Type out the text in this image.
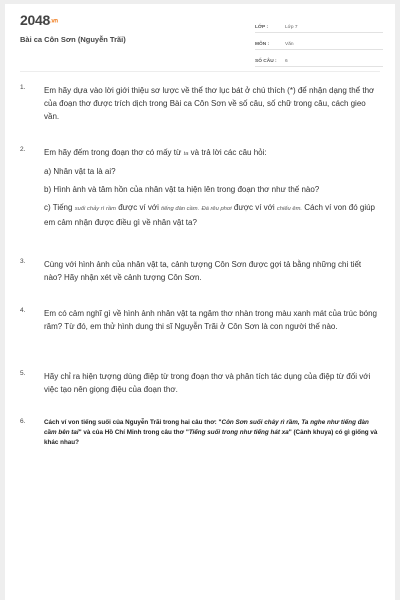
2048.vn
Bài ca Côn Sơn (Nguyễn Trãi)
LỚP :	Lớp 7
MÔN :	Văn
SỐ CÂU :	6
1. Em hãy dựa vào lời giới thiệu sơ lược về thể thơ lục bát ở chú thích (*) để nhận dạng thể thơ của đoạn thơ được trích dịch trong Bài ca Côn Sơn về số câu, số chữ trong câu, cách gieo vần.

2. Em hãy đếm trong đoạn thơ có mấy từ ta và trả lời các câu hỏi:

a) Nhân vật ta là ai?

b) Hình ảnh và tâm hồn của nhân vật ta hiện lên trong đoạn thơ như thế nào?

c) Tiếng suối chảy rì rầm được ví với tiếng đàn cầm. Đá rêu phơi được ví với chiếu êm. Cách ví von đó giúp em cảm nhận được điều gì về nhân vật ta?

3. Cùng với hình ảnh của nhân vật ta, cảnh tượng Côn Sơn được gợi tả bằng những chi tiết nào? Hãy nhận xét về cảnh tượng Côn Sơn.

4. Em có cảm nghĩ gì về hình ảnh nhân vật ta ngâm thơ nhàn trong màu xanh mát của trúc bóng râm? Từ đó, em thử hình dung thi sĩ Nguyễn Trãi ở Côn Sơn là con người thế nào.

5. Hãy chỉ ra hiện tượng dùng điệp từ trong đoạn thơ và phân tích tác dụng của điệp từ đối với việc tạo nên giọng điệu của đoạn thơ.

6.	Cách ví von tiếng suối của Nguyễn Trãi trong hai câu thơ: "Côn Sơn suối chảy rì rầm, Ta nghe như tiếng đàn cầm bên tai" và của Hồ Chí Minh trong câu thơ "Tiếng suối trong như tiếng hát xa" (Cảnh khuya) có gì giống và khác nhau?
